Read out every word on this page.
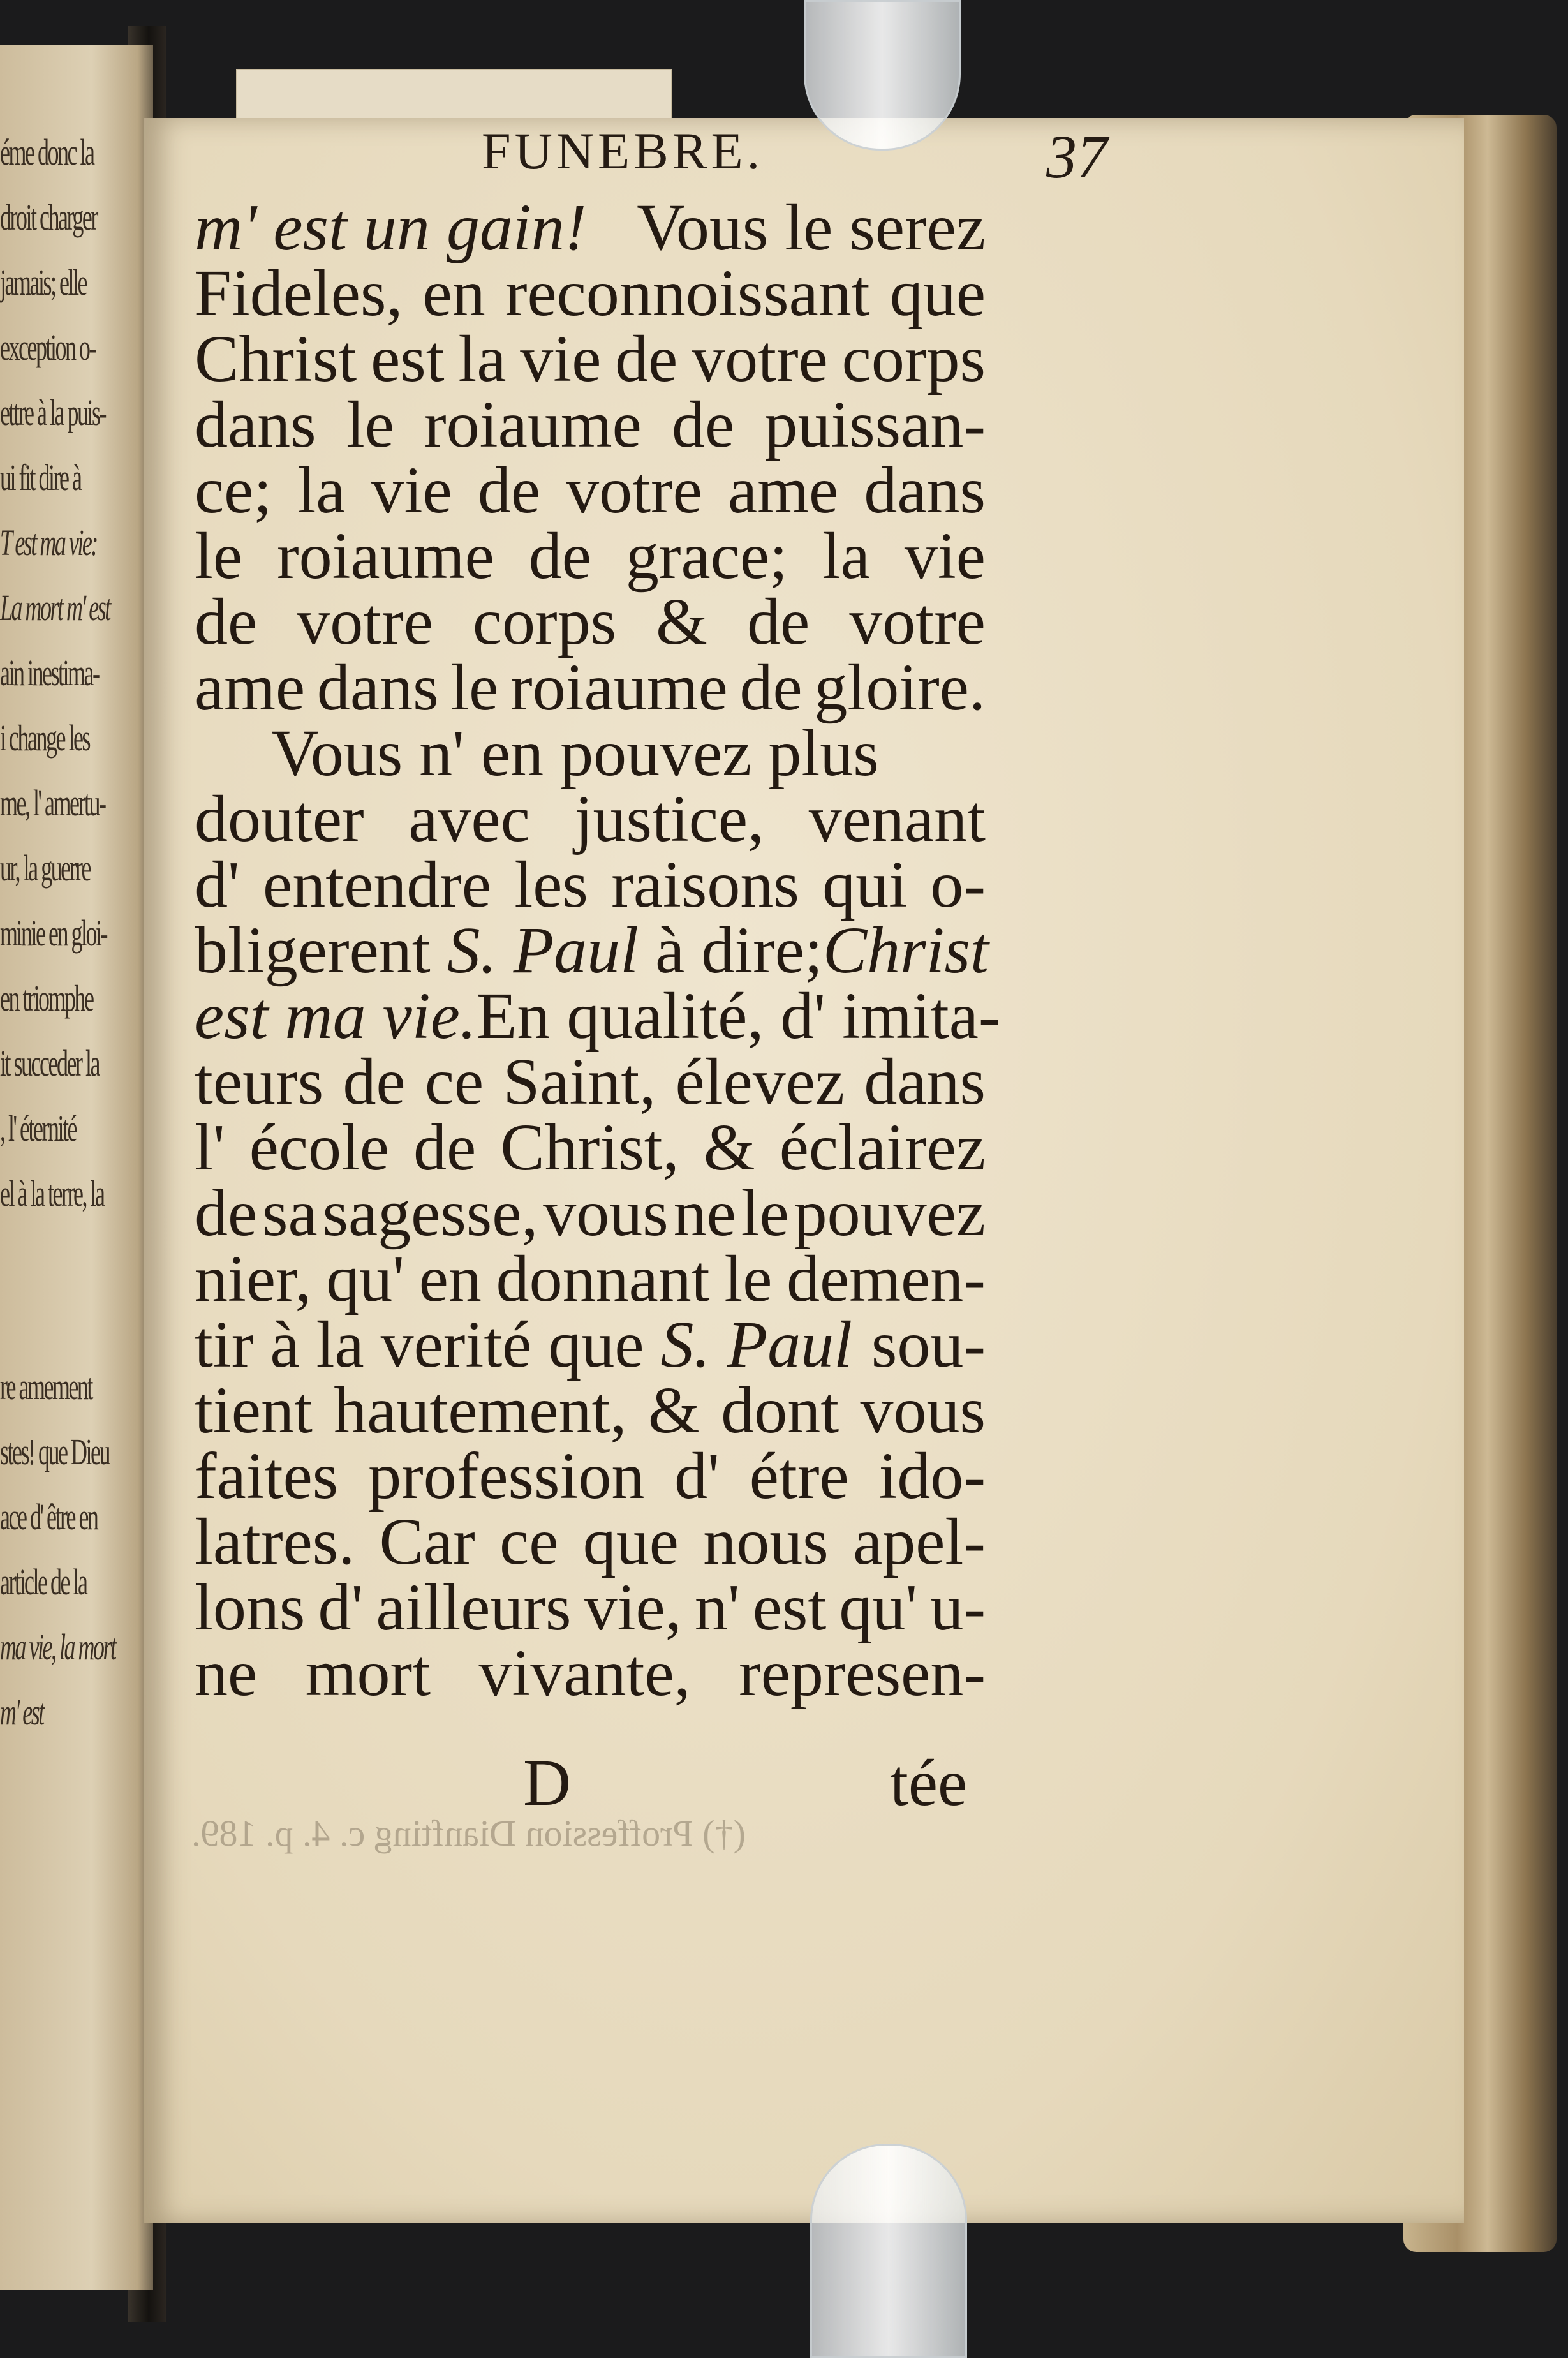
éme donc la
droit charger
jamais; elle
exception o-
ettre à la puis-
ui fit dire à
T est ma vie:
La mort m' est
ain inestima-
i change les
me, l' amertu-
ur, la guerre
minie en gloi-
en triomphe
it succeder la
, l' éternité
el à la terre, la
re amement
stes! que Dieu
ace d' être en
article de la
ma vie, la mort
m' est
FUNEBRE.	37
(†) Proffession Dianfting c. 4. p. 189.
m' est un gain! Vous le serez
Fideles, en reconnoissant que
Christ est la vie de votre corps
dans le roiaume de puissan-
ce; la vie de votre ame dans
le roiaume de grace; la vie
de votre corps & de votre
ame dans le roiaume de gloire.
Vous n' en pouvez plus
douter avec justice, venant
d' entendre les raisons qui o-
bligerent S. Paul à dire; Christ
est ma vie. En qualité, d' imita-
teurs de ce Saint, élevez dans
l' école de Christ, & éclairez
de sa sagesse, vous ne le pouvez
nier, qu' en donnant le demen-
tir à la verité que S. Paul sou-
tient hautement, & dont vous
faites profession d' étre ido-
latres. Car ce que nous apel-
lons d' ailleurs vie, n' est qu' u-
ne mort vivante, represen-
D	tée
